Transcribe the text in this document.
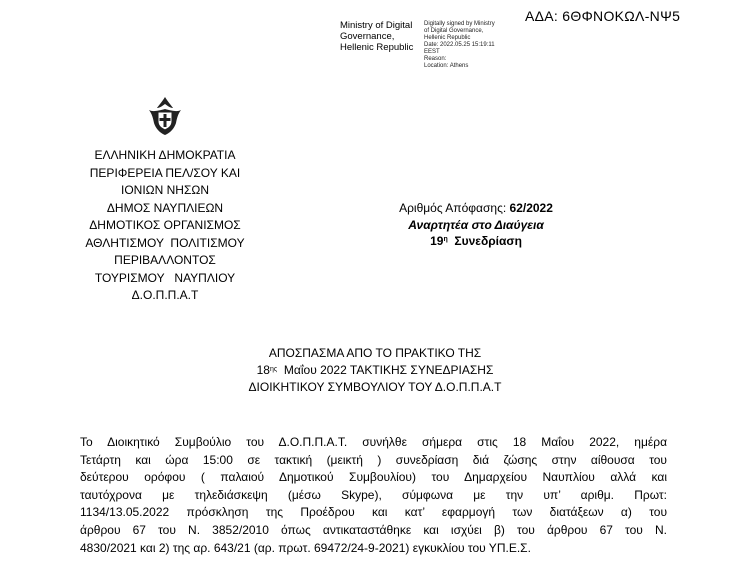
ΑΔΑ: 6ΘΦΝΟΚΩΛ-ΝΨ5
Ministry of Digital
Governance,
Hellenic Republic
Digitally signed by Ministry
of Digital Governance,
Hellenic Republic
Date: 2022.05.25 15:19:11
EEST
Reason:
Location: Athens
ΕΛΛΗΝΙΚΗ ΔΗΜΟΚΡΑΤΙΑ
ΠΕΡΙΦΕΡΕΙΑ ΠΕΛ/ΣΟΥ ΚΑΙ
ΙΟΝΙΩΝ ΝΗΣΩΝ
ΔΗΜΟΣ ΝΑΥΠΛΙΕΩΝ
ΔΗΜΟΤΙΚΟΣ ΟΡΓΑΝΙΣΜΟΣ
ΑΘΛΗΤΙΣΜΟΥ  ΠΟΛΙΤΙΣΜΟΥ
ΠΕΡΙΒΑΛΛΟΝΤΟΣ
ΤΟΥΡΙΣΜΟΥ   ΝΑΥΠΛΙΟΥ
Δ.Ο.Π.Π.Α.Τ
Αριθμός Απόφασης: 62/2022
Αναρτητέα στο Διαύγεια
$19^\eta$  Συνεδρίαση
ΑΠΟΣΠΑΣΜΑ ΑΠΟ ΤΟ ΠΡΑΚΤΙΚΟ ΤΗΣ
$18^{\eta\varsigma}$  Μαΐου 2022 ΤΑΚΤΙΚΗΣ ΣΥΝΕΔΡΙΑΣΗΣ
ΔΙΟΙΚΗΤΙΚΟΥ ΣΥΜΒΟΥΛΙΟΥ ΤΟΥ Δ.Ο.Π.Π.Α.Τ
Το Διοικητικό Συμβούλιο του Δ.Ο.Π.Π.Α.Τ. συνήλθε σήμερα στις 18 Μαΐου 2022, ημέρα
Τετάρτη και ώρα 15:00 σε τακτική (μεικτή ) συνεδρίαση διά ζώσης στην αίθουσα του
δεύτερου ορόφου ( παλαιού Δημοτικού Συμβουλίου) του Δημαρχείου Ναυπλίου αλλά και
ταυτόχρονα με τηλεδιάσκεψη (μέσω Skype), σύμφωνα με την υπ’ αριθμ. Πρωτ:
1134/13.05.2022 πρόσκληση της Προέδρου και κατ’ εφαρμογή των διατάξεων α) του
άρθρου 67 του Ν. 3852/2010 όπως αντικαταστάθηκε και ισχύει β) του άρθρου 67 του Ν.
4830/2021 και 2) της αρ. 643/21 (αρ. πρωτ. 69472/24-9-2021) εγκυκλίου του ΥΠ.Ε.Σ.
